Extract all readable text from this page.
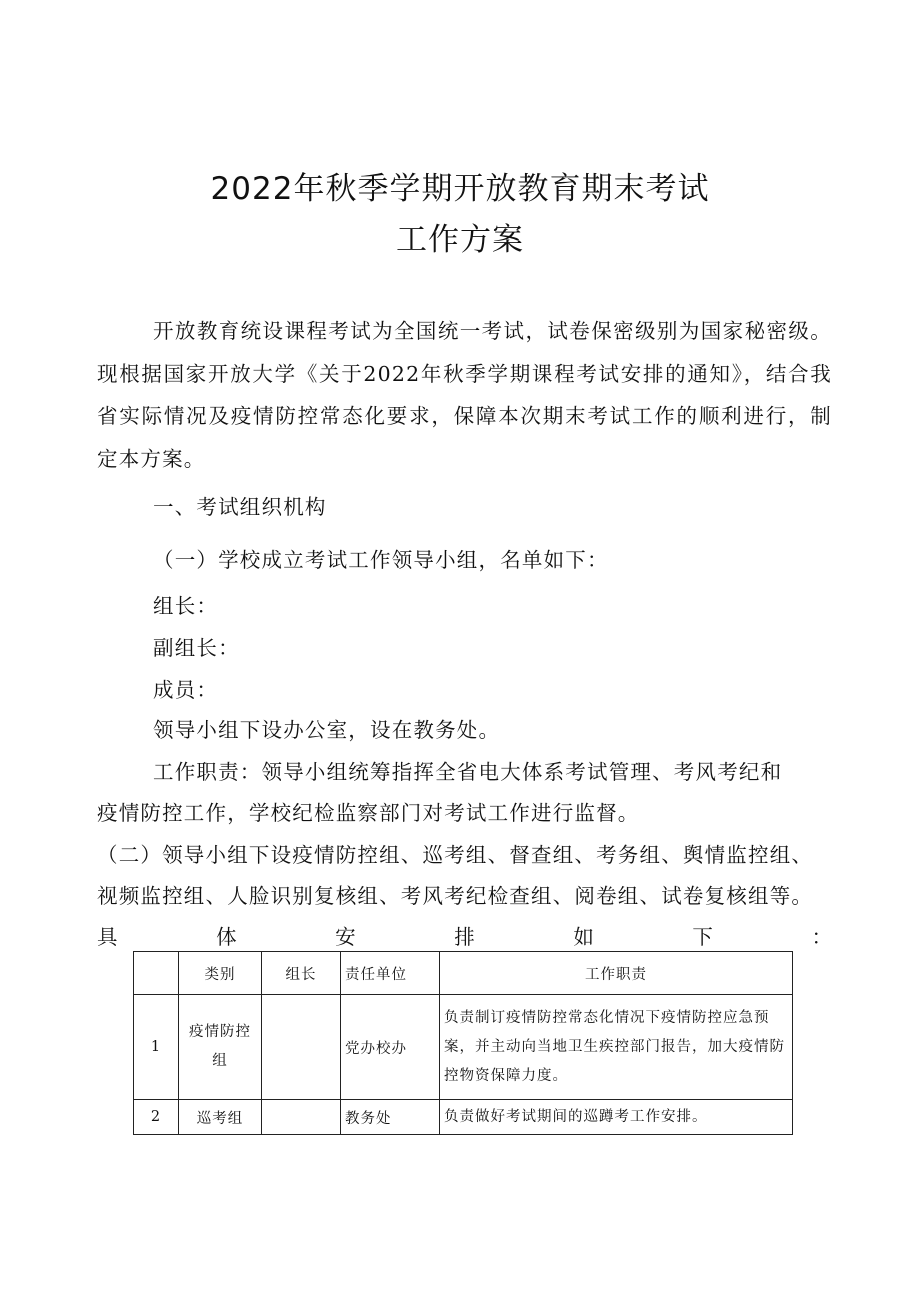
2022年秋季学期开放教育期末考试
工作方案
开放教育统设课程考试为全国统一考试，试卷保密级别为国家秘密级。现根据国家开放大学《关于2022年秋季学期课程考试安排的通知》，结合我省实际情况及疫情防控常态化要求，保障本次期末考试工作的顺利进行，制定本方案。
一、考试组织机构
（一）学校成立考试工作领导小组，名单如下：
组长：
副组长：
成员：
领导小组下设办公室，设在教务处。
工作职责：领导小组统筹指挥全省电大体系考试管理、考风考纪和
疫情防控工作，学校纪检监察部门对考试工作进行监督。
（二）领导小组下设疫情防控组、巡考组、督查组、考务组、舆情监控组、
视频监控组、人脸识别复核组、考风考纪检查组、阅卷组、试卷复核组等。
具	体	安	排	如	下	：
	类别	组长	责任单位	工作职责
1	疫情防控组		党办校办	负责制订疫情防控常态化情况下疫情防控应急预案，并主动向当地卫生疾控部门报告，加大疫情防控物资保障力度。
2	巡考组		教务处	负责做好考试期间的巡蹲考工作安排。
